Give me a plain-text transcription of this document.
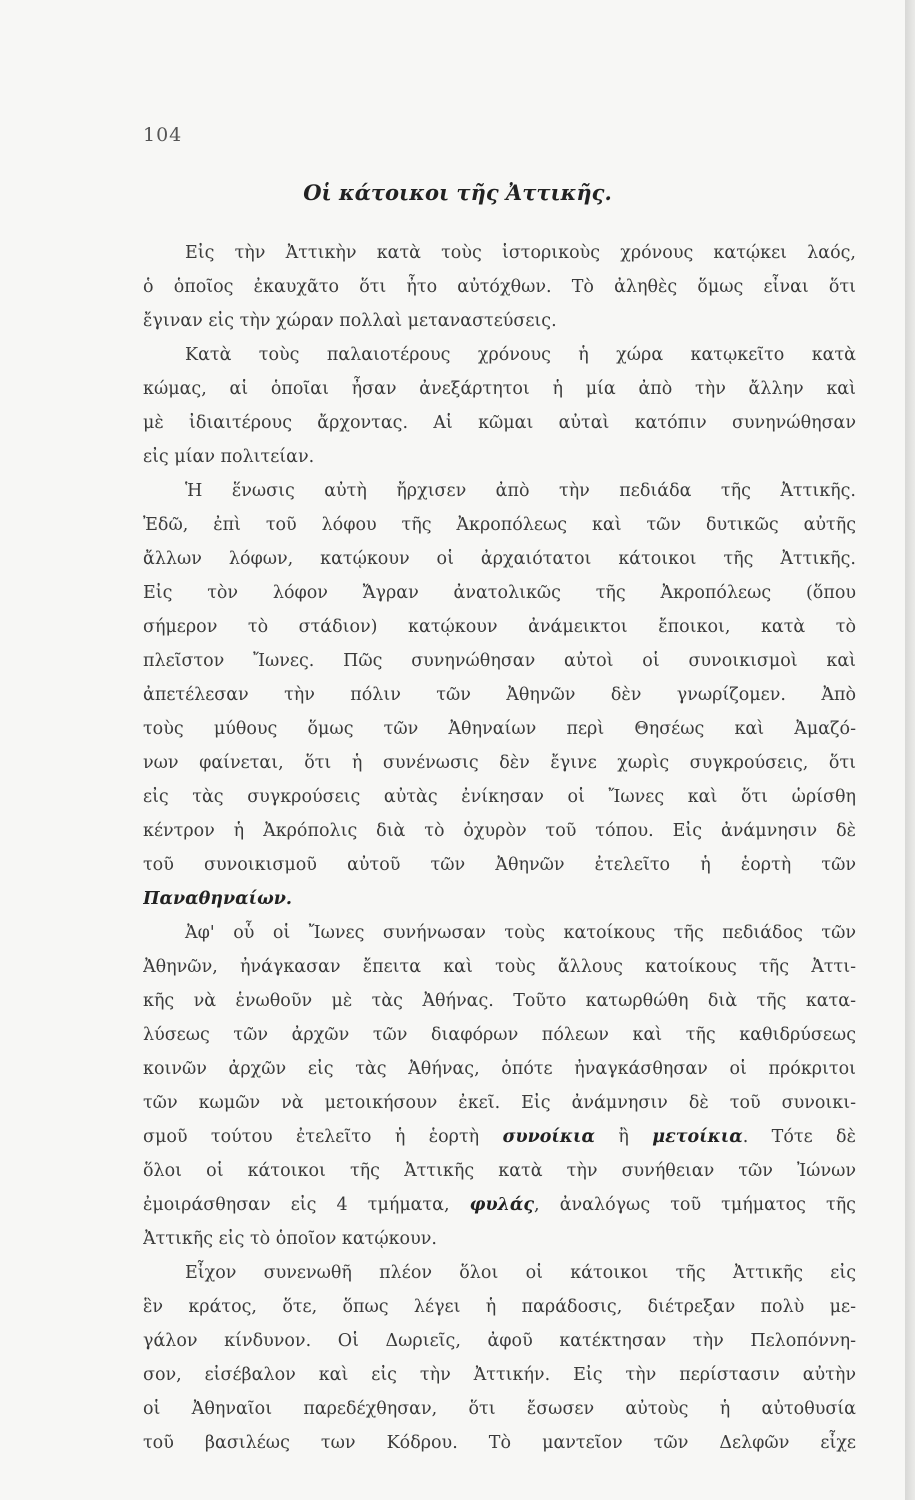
104
Οἱ κάτοικοι τῆς Ἀττικῆς.
Εἰς τὴν Ἀττικὴν κατὰ τοὺς ἱστορικοὺς χρόνους κατῴκει λαός,
ὁ ὁποῖος ἐκαυχᾶτο ὅτι ἦτο αὐτόχθων. Τὸ ἀληθὲς ὅμως εἶναι ὅτι
ἔγιναν εἰς τὴν χώραν πολλαὶ μεταναστεύσεις.
Κατὰ τοὺς παλαιοτέρους χρόνους ἡ χώρα κατῳκεῖτο κατὰ
κώμας, αἱ ὁποῖαι ἦσαν ἀνεξάρτητοι ἡ μία ἀπὸ τὴν ἄλλην καὶ
μὲ ἰδιαιτέρους ἄρχοντας. Αἱ κῶμαι αὐταὶ κατόπιν συνηνώθησαν
εἰς μίαν πολιτείαν.
Ἡ ἕνωσις αὐτὴ ἤρχισεν ἀπὸ τὴν πεδιάδα τῆς Ἀττικῆς.
Ἐδῶ, ἐπὶ τοῦ λόφου τῆς Ἀκροπόλεως καὶ τῶν δυτικῶς αὐτῆς
ἄλλων λόφων, κατῴκουν οἱ ἀρχαιότατοι κάτοικοι τῆς Ἀττικῆς.
Εἰς τὸν λόφον Ἄγραν ἀνατολικῶς τῆς Ἀκροπόλεως (ὅπου
σήμερον τὸ στάδιον) κατῴκουν ἀνάμεικτοι ἔποικοι, κατὰ τὸ
πλεῖστον Ἴωνες. Πῶς συνηνώθησαν αὐτοὶ οἱ συνοικισμοὶ καὶ
ἀπετέλεσαν τὴν πόλιν τῶν Ἀθηνῶν δὲν γνωρίζομεν. Ἀπὸ
τοὺς μύθους ὅμως τῶν Ἀθηναίων περὶ Θησέως καὶ Ἀμαζό-
νων φαίνεται, ὅτι ἡ συνένωσις δὲν ἔγινε χωρὶς συγκρούσεις, ὅτι
εἰς τὰς συγκρούσεις αὐτὰς ἐνίκησαν οἱ Ἴωνες καὶ ὅτι ὡρίσθη
κέντρον ἡ Ἀκρόπολις διὰ τὸ ὀχυρὸν τοῦ τόπου. Εἰς ἀνάμνησιν δὲ
τοῦ συνοικισμοῦ αὐτοῦ τῶν Ἀθηνῶν ἐτελεῖτο ἡ ἑορτὴ τῶν
Παναθηναίων.
Ἀφ' οὗ οἱ Ἴωνες συνήνωσαν τοὺς κατοίκους τῆς πεδιάδος τῶν
Ἀθηνῶν, ἠνάγκασαν ἔπειτα καὶ τοὺς ἄλλους κατοίκους τῆς Ἀττι-
κῆς νὰ ἑνωθοῦν μὲ τὰς Ἀθήνας. Τοῦτο κατωρθώθη διὰ τῆς κατα-
λύσεως τῶν ἀρχῶν τῶν διαφόρων πόλεων καὶ τῆς καθιδρύσεως
κοινῶν ἀρχῶν εἰς τὰς Ἀθήνας, ὁπότε ἠναγκάσθησαν οἱ πρόκριτοι
τῶν κωμῶν νὰ μετοικήσουν ἐκεῖ. Εἰς ἀνάμνησιν δὲ τοῦ συνοικι-
σμοῦ τούτου ἐτελεῖτο ἡ ἑορτὴ συνοίκια ἢ μετοίκια. Τότε δὲ
ὅλοι οἱ κάτοικοι τῆς Ἀττικῆς κατὰ τὴν συνήθειαν τῶν Ἰώνων
ἐμοιράσθησαν εἰς 4 τμήματα, φυλάς, ἀναλόγως τοῦ τμήματος τῆς
Ἀττικῆς εἰς τὸ ὁποῖον κατῴκουν.
Εἶχον συνενωθῆ πλέον ὅλοι οἱ κάτοικοι τῆς Ἀττικῆς εἰς
ἓν κράτος, ὅτε, ὅπως λέγει ἡ παράδοσις, διέτρεξαν πολὺ με-
γάλον κίνδυνον. Οἱ Δωριεῖς, ἀφοῦ κατέκτησαν τὴν Πελοπόννη-
σον, εἰσέβαλον καὶ εἰς τὴν Ἀττικήν. Εἰς τὴν περίστασιν αὐτὴν
οἱ Ἀθηναῖοι παρεδέχθησαν, ὅτι ἔσωσεν αὐτοὺς ἡ αὐτοθυσία
τοῦ βασιλέως των Κόδρου. Τὸ μαντεῖον τῶν Δελφῶν εἶχε
